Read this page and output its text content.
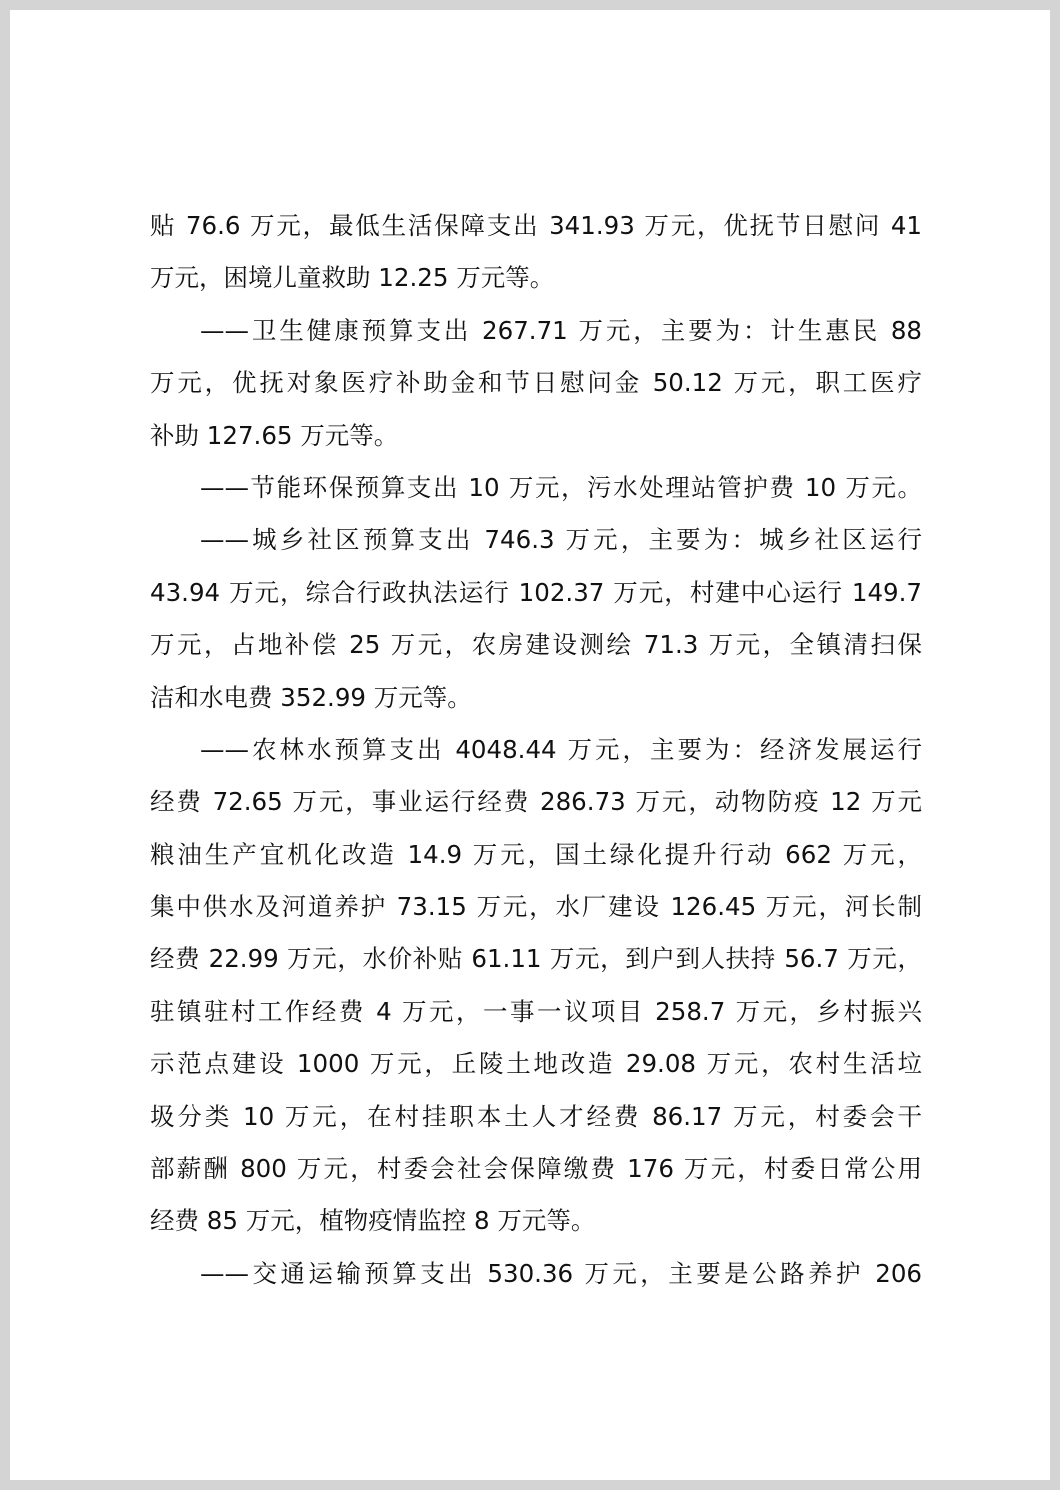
贴 76.6 万元，最低生活保障支出 341.93 万元，优抚节日慰问 41
万元，困境儿童救助 12.25 万元等。
——卫生健康预算支出 267.71 万元，主要为：计生惠民 88
万元，优抚对象医疗补助金和节日慰问金 50.12 万元，职工医疗
补助 127.65 万元等。
——节能环保预算支出 10 万元，污水处理站管护费 10 万元。
——城乡社区预算支出 746.3 万元，主要为：城乡社区运行
43.94 万元，综合行政执法运行 102.37 万元，村建中心运行 149.7
万元，占地补偿 25 万元，农房建设测绘 71.3 万元，全镇清扫保
洁和水电费 352.99 万元等。
——农林水预算支出 4048.44 万元，主要为：经济发展运行
经费 72.65 万元，事业运行经费 286.73 万元，动物防疫 12 万元
粮油生产宜机化改造 14.9 万元，国土绿化提升行动 662 万元，
集中供水及河道养护 73.15 万元，水厂建设 126.45 万元，河长制
经费 22.99 万元，水价补贴 61.11 万元，到户到人扶持 56.7 万元，
驻镇驻村工作经费 4 万元，一事一议项目 258.7 万元，乡村振兴
示范点建设 1000 万元，丘陵土地改造 29.08 万元，农村生活垃
圾分类 10 万元，在村挂职本土人才经费 86.17 万元，村委会干
部薪酬 800 万元，村委会社会保障缴费 176 万元，村委日常公用
经费 85 万元，植物疫情监控 8 万元等。
——交通运输预算支出 530.36 万元，主要是公路养护 206
